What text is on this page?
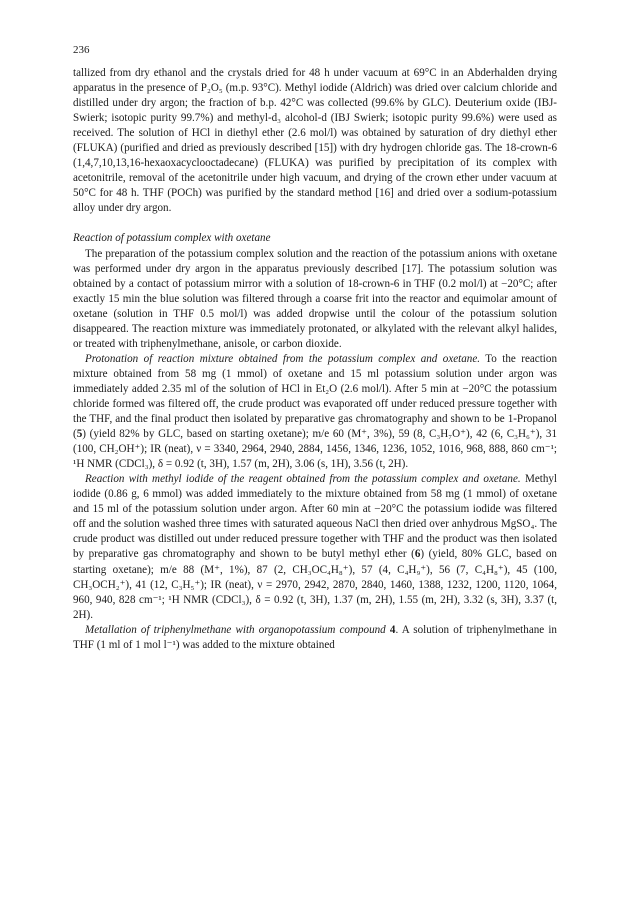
236

tallized from dry ethanol and the crystals dried for 48 h under vacuum at 69°C in an Abderhalden drying apparatus in the presence of P₂O₅ (m.p. 93°C). Methyl iodide (Aldrich) was dried over calcium chloride and distilled under dry argon; the fraction of b.p. 42°C was collected (99.6% by GLC). Deuterium oxide (IBJ-Swierk; isotopic purity 99.7%) and methyl-d₃ alcohol-d (IBJ Swierk; isotopic purity 99.6%) were used as received. The solution of HCl in diethyl ether (2.6 mol/l) was obtained by saturation of dry diethyl ether (FLUKA) (purified and dried as previously described [15]) with dry hydrogen chloride gas. The 18-crown-6 (1,4,7,10,13,16-hexaoxacyclooctadecane) (FLUKA) was purified by precipitation of its complex with acetonitrile, removal of the acetonitrile under high vacuum, and drying of the crown ether under vacuum at 50°C for 48 h. THF (POCh) was purified by the standard method [16] and dried over a sodium-potassium alloy under dry argon.

Reaction of potassium complex with oxetane

The preparation of the potassium complex solution and the reaction of the potassium anions with oxetane was performed under dry argon in the apparatus previously described [17]. The potassium solution was obtained by a contact of potassium mirror with a solution of 18-crown-6 in THF (0.2 mol/l) at −20°C; after exactly 15 min the blue solution was filtered through a coarse frit into the reactor and equimolar amount of oxetane (solution in THF 0.5 mol/l) was added dropwise until the colour of the potassium solution disappeared. The reaction mixture was immediately protonated, or alkylated with the relevant alkyl halides, or treated with triphenylmethane, anisole, or carbon dioxide.

Protonation of reaction mixture obtained from the potassium complex and oxetane. To the reaction mixture obtained from 58 mg (1 mmol) of oxetane and 15 ml potassium solution under argon was immediately added 2.35 ml of the solution of HCl in Et₂O (2.6 mol/l). After 5 min at −20°C the potassium chloride formed was filtered off, the crude product was evaporated off under reduced pressure together with the THF, and the final product then isolated by preparative gas chromatography and shown to be 1-Propanol (5) (yield 82% by GLC, based on starting oxetane); m/e 60 (M⁺, 3%), 59 (8, C₃H₇O⁺), 42 (6, C₃H₆⁺), 31 (100, CH₂OH⁺); IR (neat), ν = 3340, 2964, 2940, 2884, 1456, 1346, 1236, 1052, 1016, 968, 888, 860 cm⁻¹; ¹H NMR (CDCl₃), δ = 0.92 (t, 3H), 1.57 (m, 2H), 3.06 (s, 1H), 3.56 (t, 2H).

Reaction with methyl iodide of the reagent obtained from the potassium complex and oxetane. Methyl iodide (0.86 g, 6 mmol) was added immediately to the mixture obtained from 58 mg (1 mmol) of oxetane and 15 ml of the potassium solution under argon. After 60 min at −20°C the potassium iodide was filtered off and the solution washed three times with saturated aqueous NaCl then dried over anhydrous MgSO₄. The crude product was distilled out under reduced pressure together with THF and the product was then isolated by preparative gas chromatography and shown to be butyl methyl ether (6) (yield, 80% GLC, based on starting oxetane); m/e 88 (M⁺, 1%), 87 (2, CH₃OC₄H₈⁺), 57 (4, C₄H₉⁺), 56 (7, C₄H₈⁺), 45 (100, CH₃OCH₂⁺), 41 (12, C₃H₅⁺); IR (neat), ν = 2970, 2942, 2870, 2840, 1460, 1388, 1232, 1200, 1120, 1064, 960, 940, 828 cm⁻¹; ¹H NMR (CDCl₃), δ = 0.92 (t, 3H), 1.37 (m, 2H), 1.55 (m, 2H), 3.32 (s, 3H), 3.37 (t, 2H).

Metallation of triphenylmethane with organopotassium compound 4. A solution of triphenylmethane in THF (1 ml of 1 mol l⁻¹) was added to the mixture obtained
